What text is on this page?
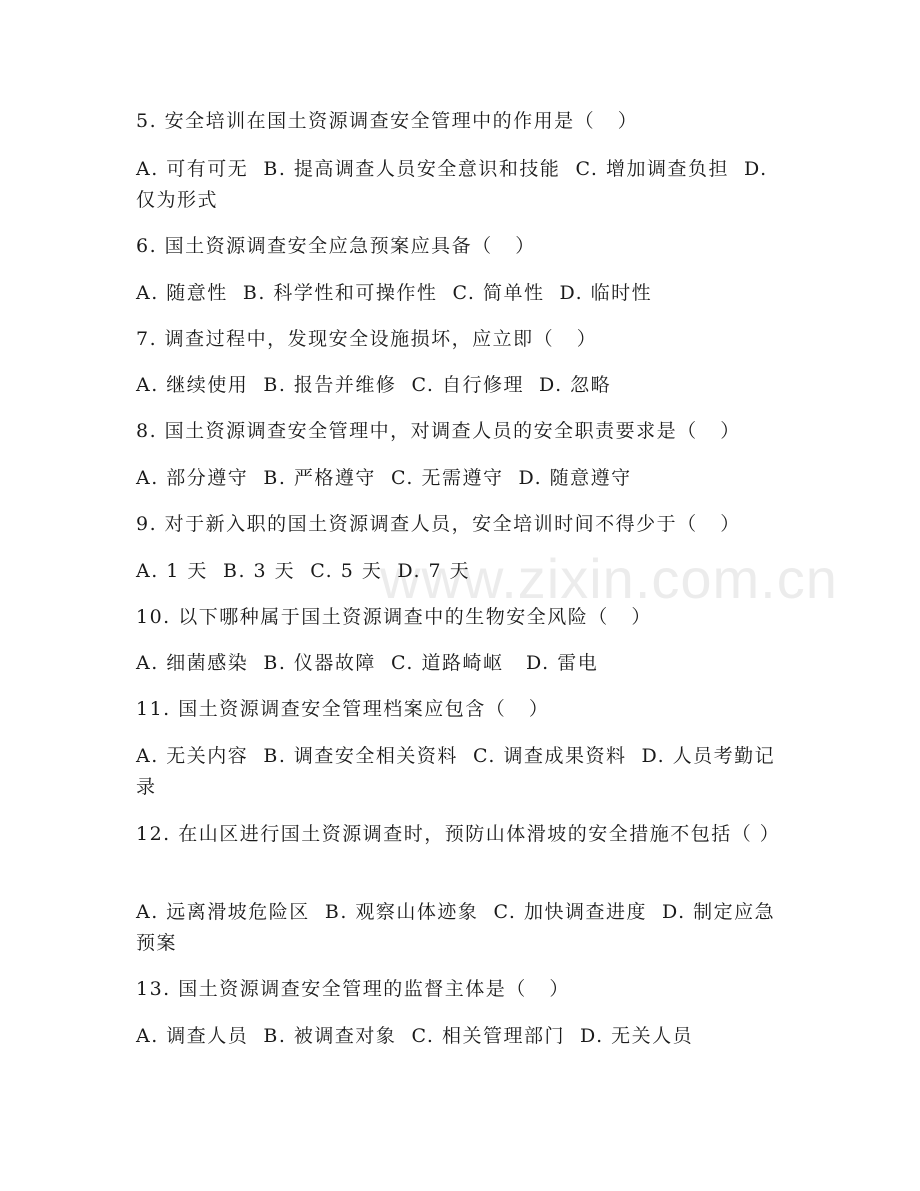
www.zixin.com.cn
5. 安全培训在国土资源调查安全管理中的作用是（   ）
A. 可有可无  B. 提高调查人员安全意识和技能  C. 增加调查负担  D. 仅为形式
6. 国土资源调查安全应急预案应具备（   ）
A. 随意性  B. 科学性和可操作性  C. 简单性  D. 临时性
7. 调查过程中，发现安全设施损坏，应立即（   ）
A. 继续使用  B. 报告并维修  C. 自行修理  D. 忽略
8. 国土资源调查安全管理中，对调查人员的安全职责要求是（   ）
A. 部分遵守  B. 严格遵守  C. 无需遵守  D. 随意遵守
9. 对于新入职的国土资源调查人员，安全培训时间不得少于（   ）
A. 1 天  B. 3 天  C. 5 天  D. 7 天
10. 以下哪种属于国土资源调查中的生物安全风险（   ）
A. 细菌感染  B. 仪器故障  C. 道路崎岖   D. 雷电
11. 国土资源调查安全管理档案应包含（   ）
A. 无关内容  B. 调查安全相关资料  C. 调查成果资料  D. 人员考勤记录
12. 在山区进行国土资源调查时，预防山体滑坡的安全措施不包括（ ）
A. 远离滑坡危险区  B. 观察山体迹象  C. 加快调查进度  D. 制定应急预案
13. 国土资源调查安全管理的监督主体是（   ）
A. 调查人员  B. 被调查对象  C. 相关管理部门  D. 无关人员
